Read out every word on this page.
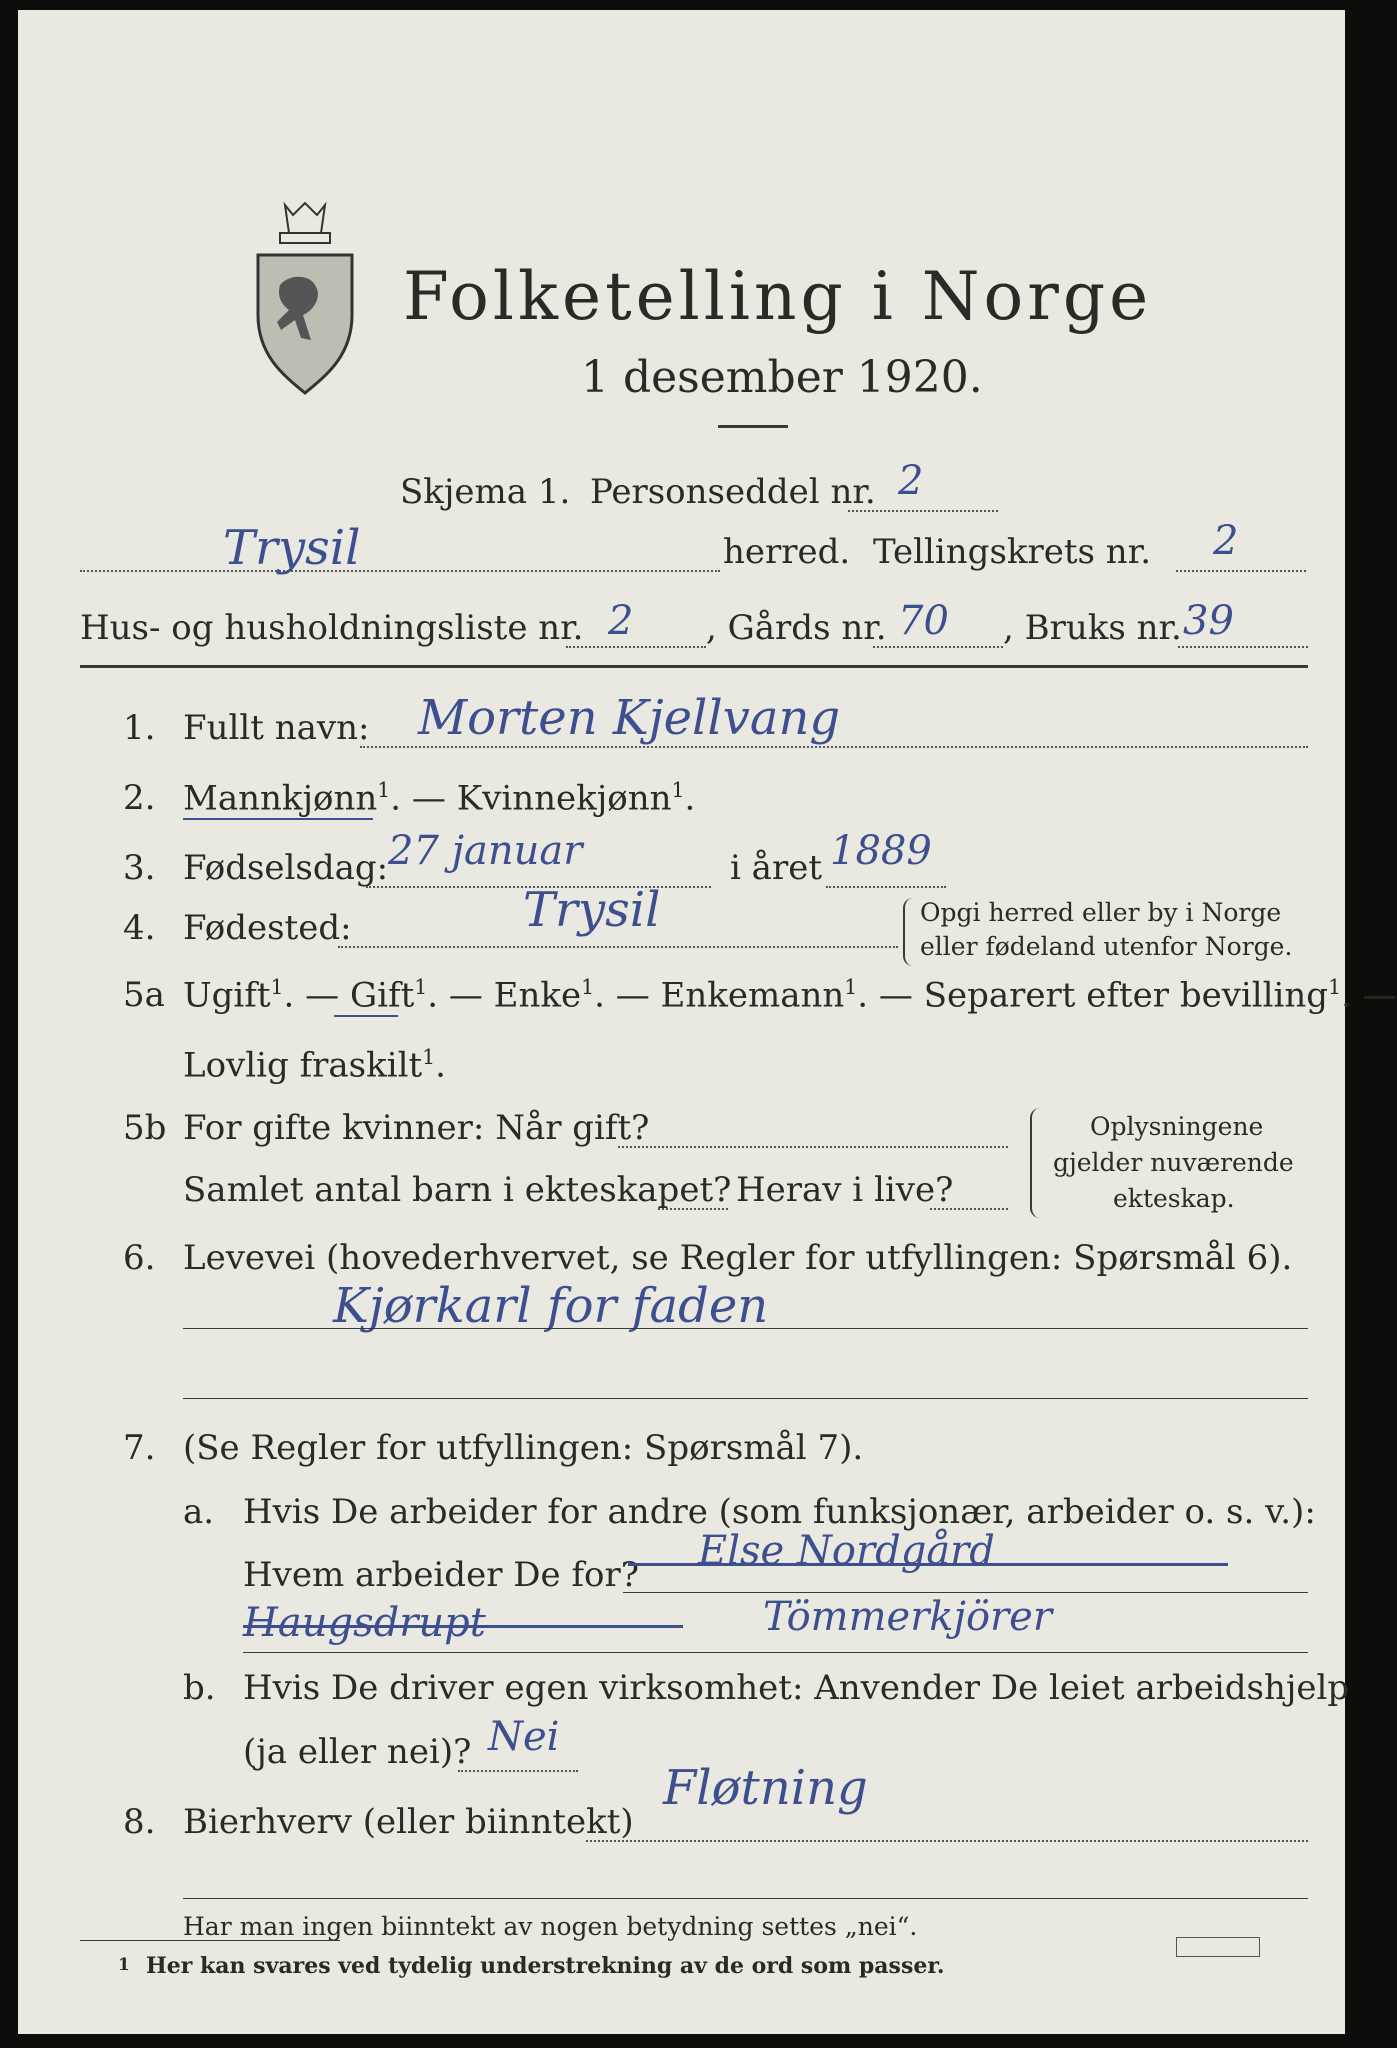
Folketelling i Norge
1 desember 1920.
Skjema 1. Personseddel nr. 2
Trysil	herred. Tellingskrets nr. 2
Hus- og husholdningsliste nr. 2 , Gårds nr. 70 , Bruks nr. 39
1. Fullt navn: Morten Kjellvang
2. Mannkjønn$^1$. — Kvinnekjønn$^1$.
3. Fødselsdag: 27 januar	i året 1889
4. Fødested:	Trysil	Opgi herred eller by i Norge
eller fødeland utenfor Norge.
5a Ugift$^1$. — Gift$^1$. — Enke$^1$. — Enkemann$^1$. — Separert efter bevilling$^1$. —
Lovlig fraskilt$^1$.
5b For gifte kvinner: Når gift?
Samlet antal barn i ekteskapet? Herav i live?
Oplysningene
gjelder nuværende
ekteskap.
6. Levevei (hovederhvervet, se Regler for utfyllingen: Spørsmål 6).
Kjørkarl for faden
7. (Se Regler for utfyllingen: Spørsmål 7).
a. Hvis De arbeider for andre (som funksjonær, arbeider o. s. v.):
Hvem arbeider De for?
Else Nordgård
Haugsdrupt	Tömmerkjörer
b. Hvis De driver egen virksomhet: Anvender De leiet arbeidshjelp
(ja eller nei)? Nei
8. Bierhverv (eller biinntekt)
Fløtning
Har man ingen biinntekt av nogen betydning settes „nei“.
1 Her kan svares ved tydelig understrekning av de ord som passer.
